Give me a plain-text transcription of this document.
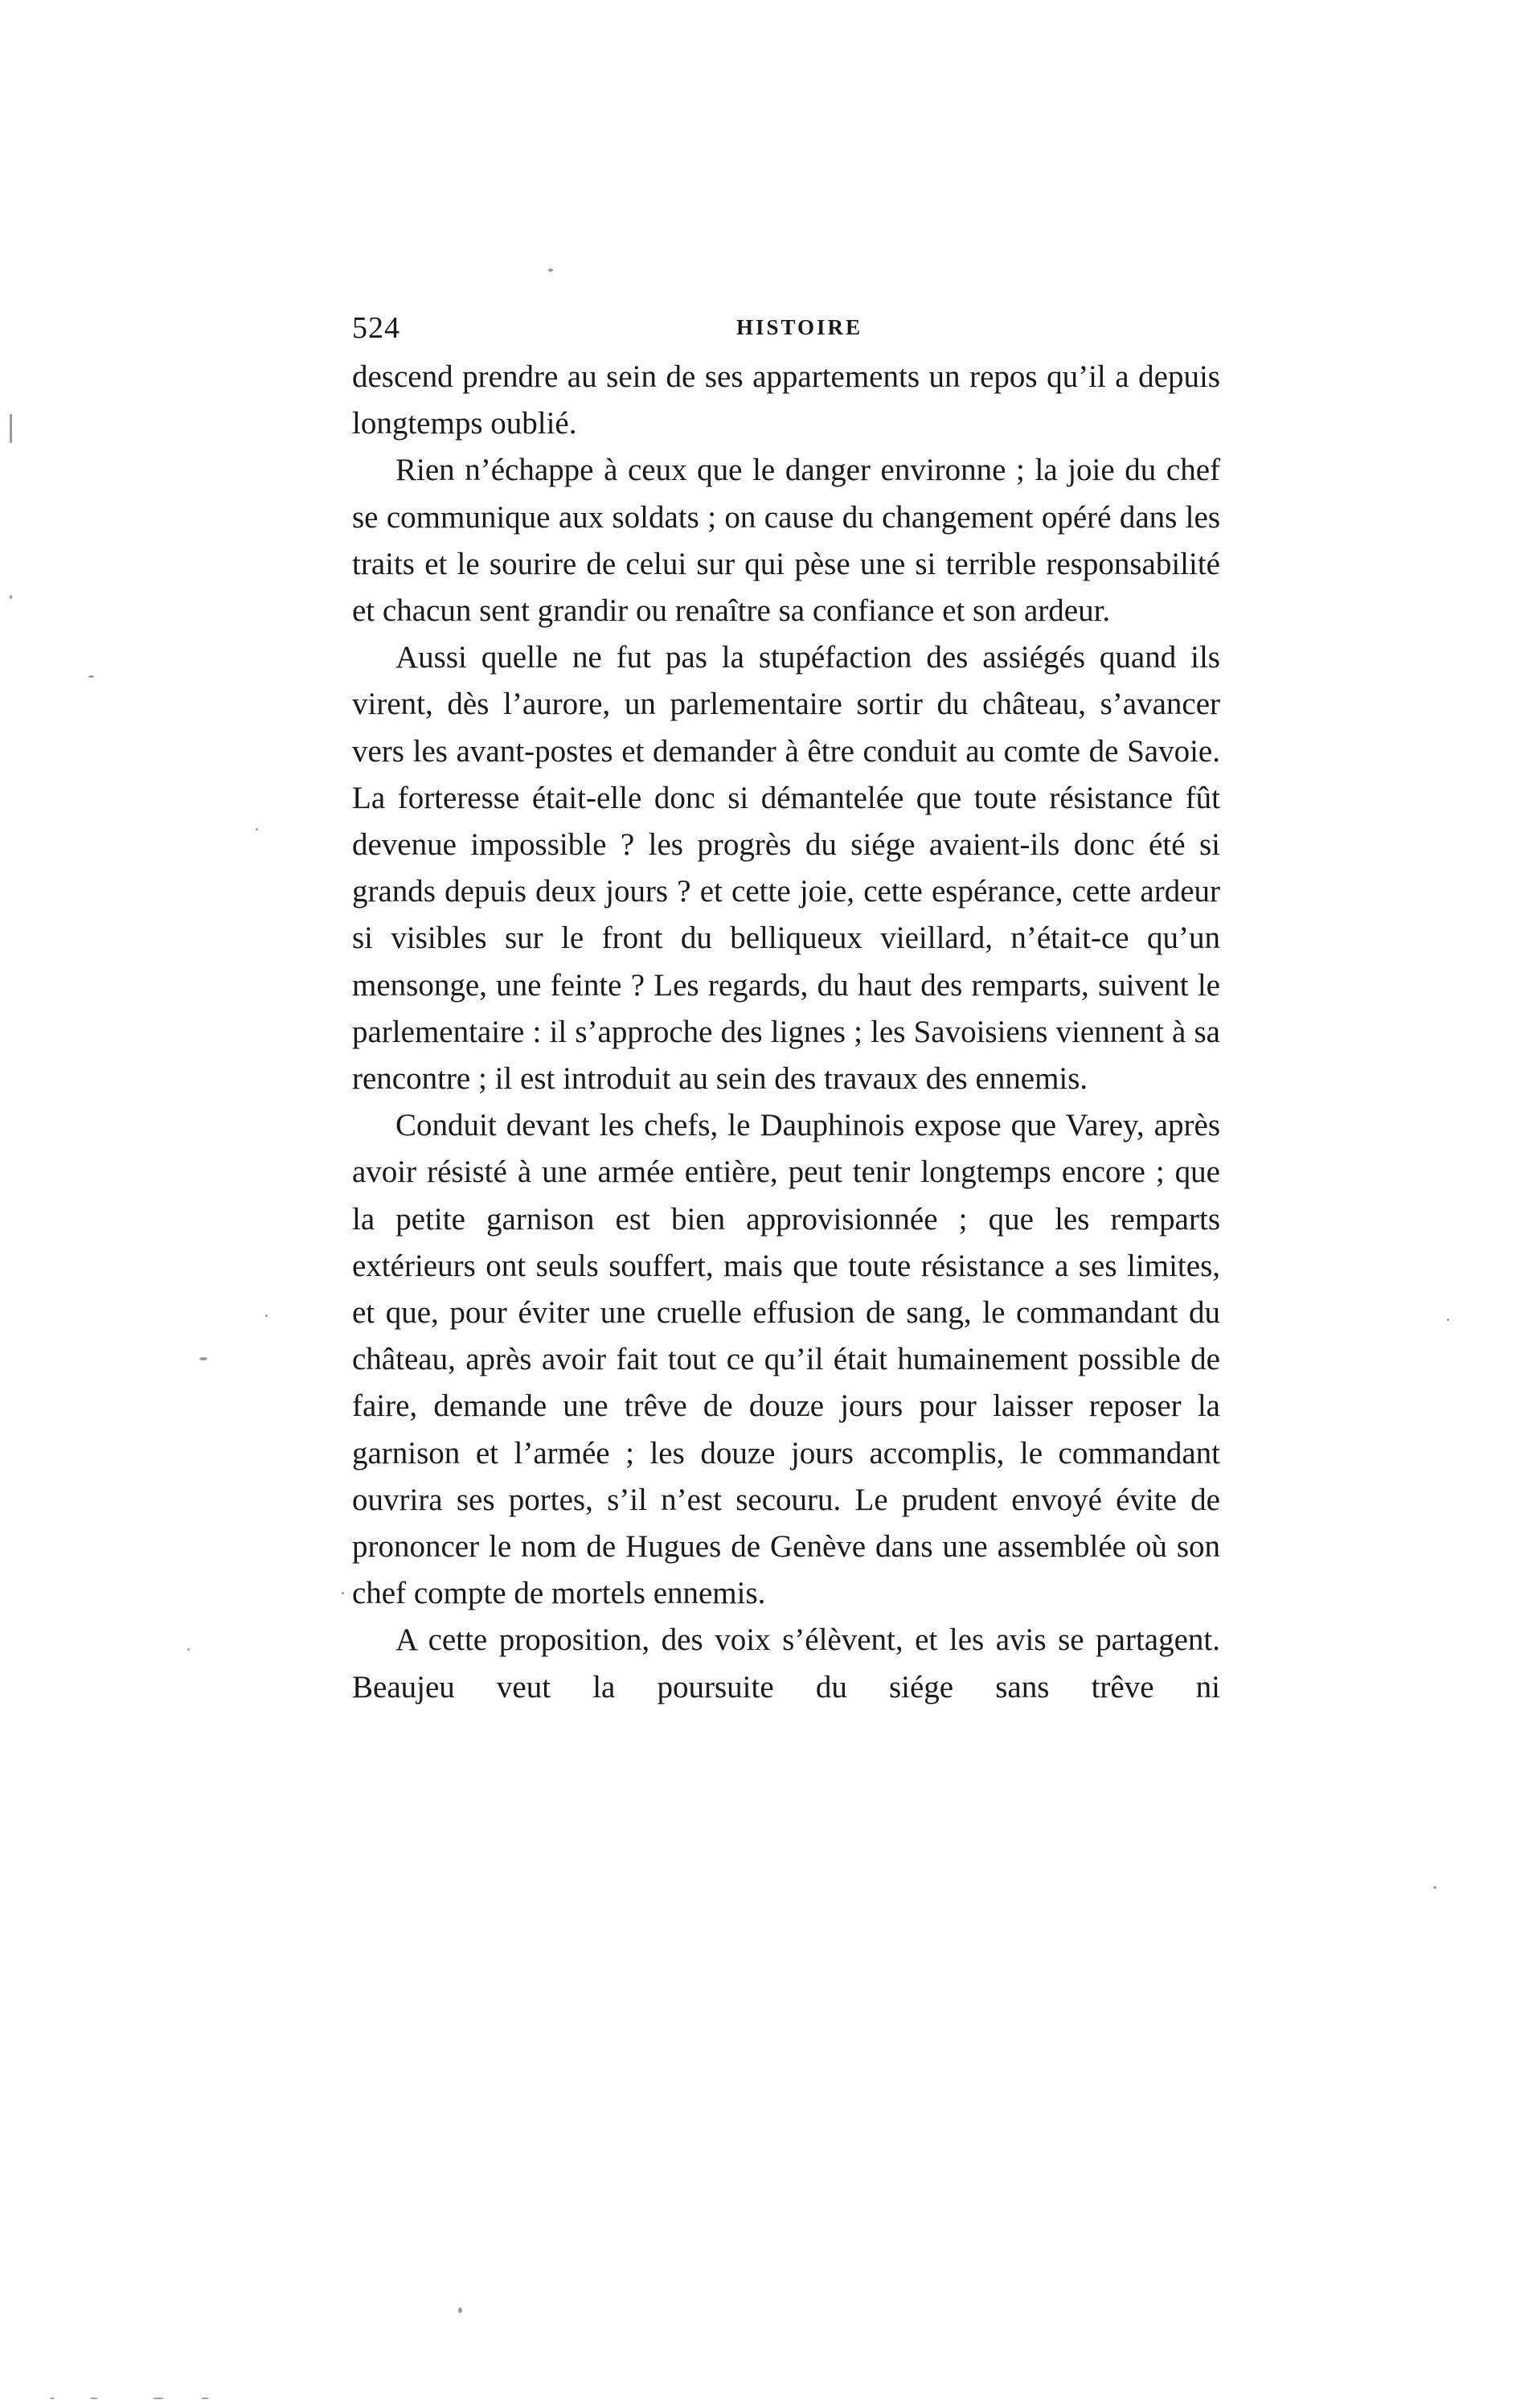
524	HISTOIRE

descend prendre au sein de ses appartements un repos qu’il a depuis longtemps oublié.

Rien n’échappe à ceux que le danger environne ; la joie du chef se communique aux soldats ; on cause du changement opéré dans les traits et le sourire de celui sur qui pèse une si terrible responsabilité et chacun sent grandir ou renaître sa confiance et son ardeur.

Aussi quelle ne fut pas la stupéfaction des assiégés quand ils virent, dès l’aurore, un parlementaire sortir du château, s’avancer vers les avant-postes et demander à être conduit au comte de Savoie. La forteresse était-elle donc si démantelée que toute résistance fût devenue impossible ? les progrès du siége avaient-ils donc été si grands depuis deux jours ? et cette joie, cette espérance, cette ardeur si visibles sur le front du belliqueux vieillard, n’était-ce qu’un mensonge, une feinte ? Les regards, du haut des remparts, suivent le parlementaire : il s’approche des lignes ; les Savoisiens viennent à sa rencontre ; il est introduit au sein des travaux des ennemis.

Conduit devant les chefs, le Dauphinois expose que Varey, après avoir résisté à une armée entière, peut tenir longtemps encore ; que la petite garnison est bien approvisionnée ; que les remparts extérieurs ont seuls souffert, mais que toute résistance a ses limites, et que, pour éviter une cruelle effusion de sang, le commandant du château, après avoir fait tout ce qu’il était humainement possible de faire, demande une trêve de douze jours pour laisser reposer la garnison et l’armée ; les douze jours accomplis, le commandant ouvrira ses portes, s’il n’est secouru. Le prudent envoyé évite de prononcer le nom de Hugues de Genève dans une assemblée où son chef compte de mortels ennemis.

A cette proposition, des voix s’élèvent, et les avis se partagent. Beaujeu veut la poursuite du siége sans trêve ni
